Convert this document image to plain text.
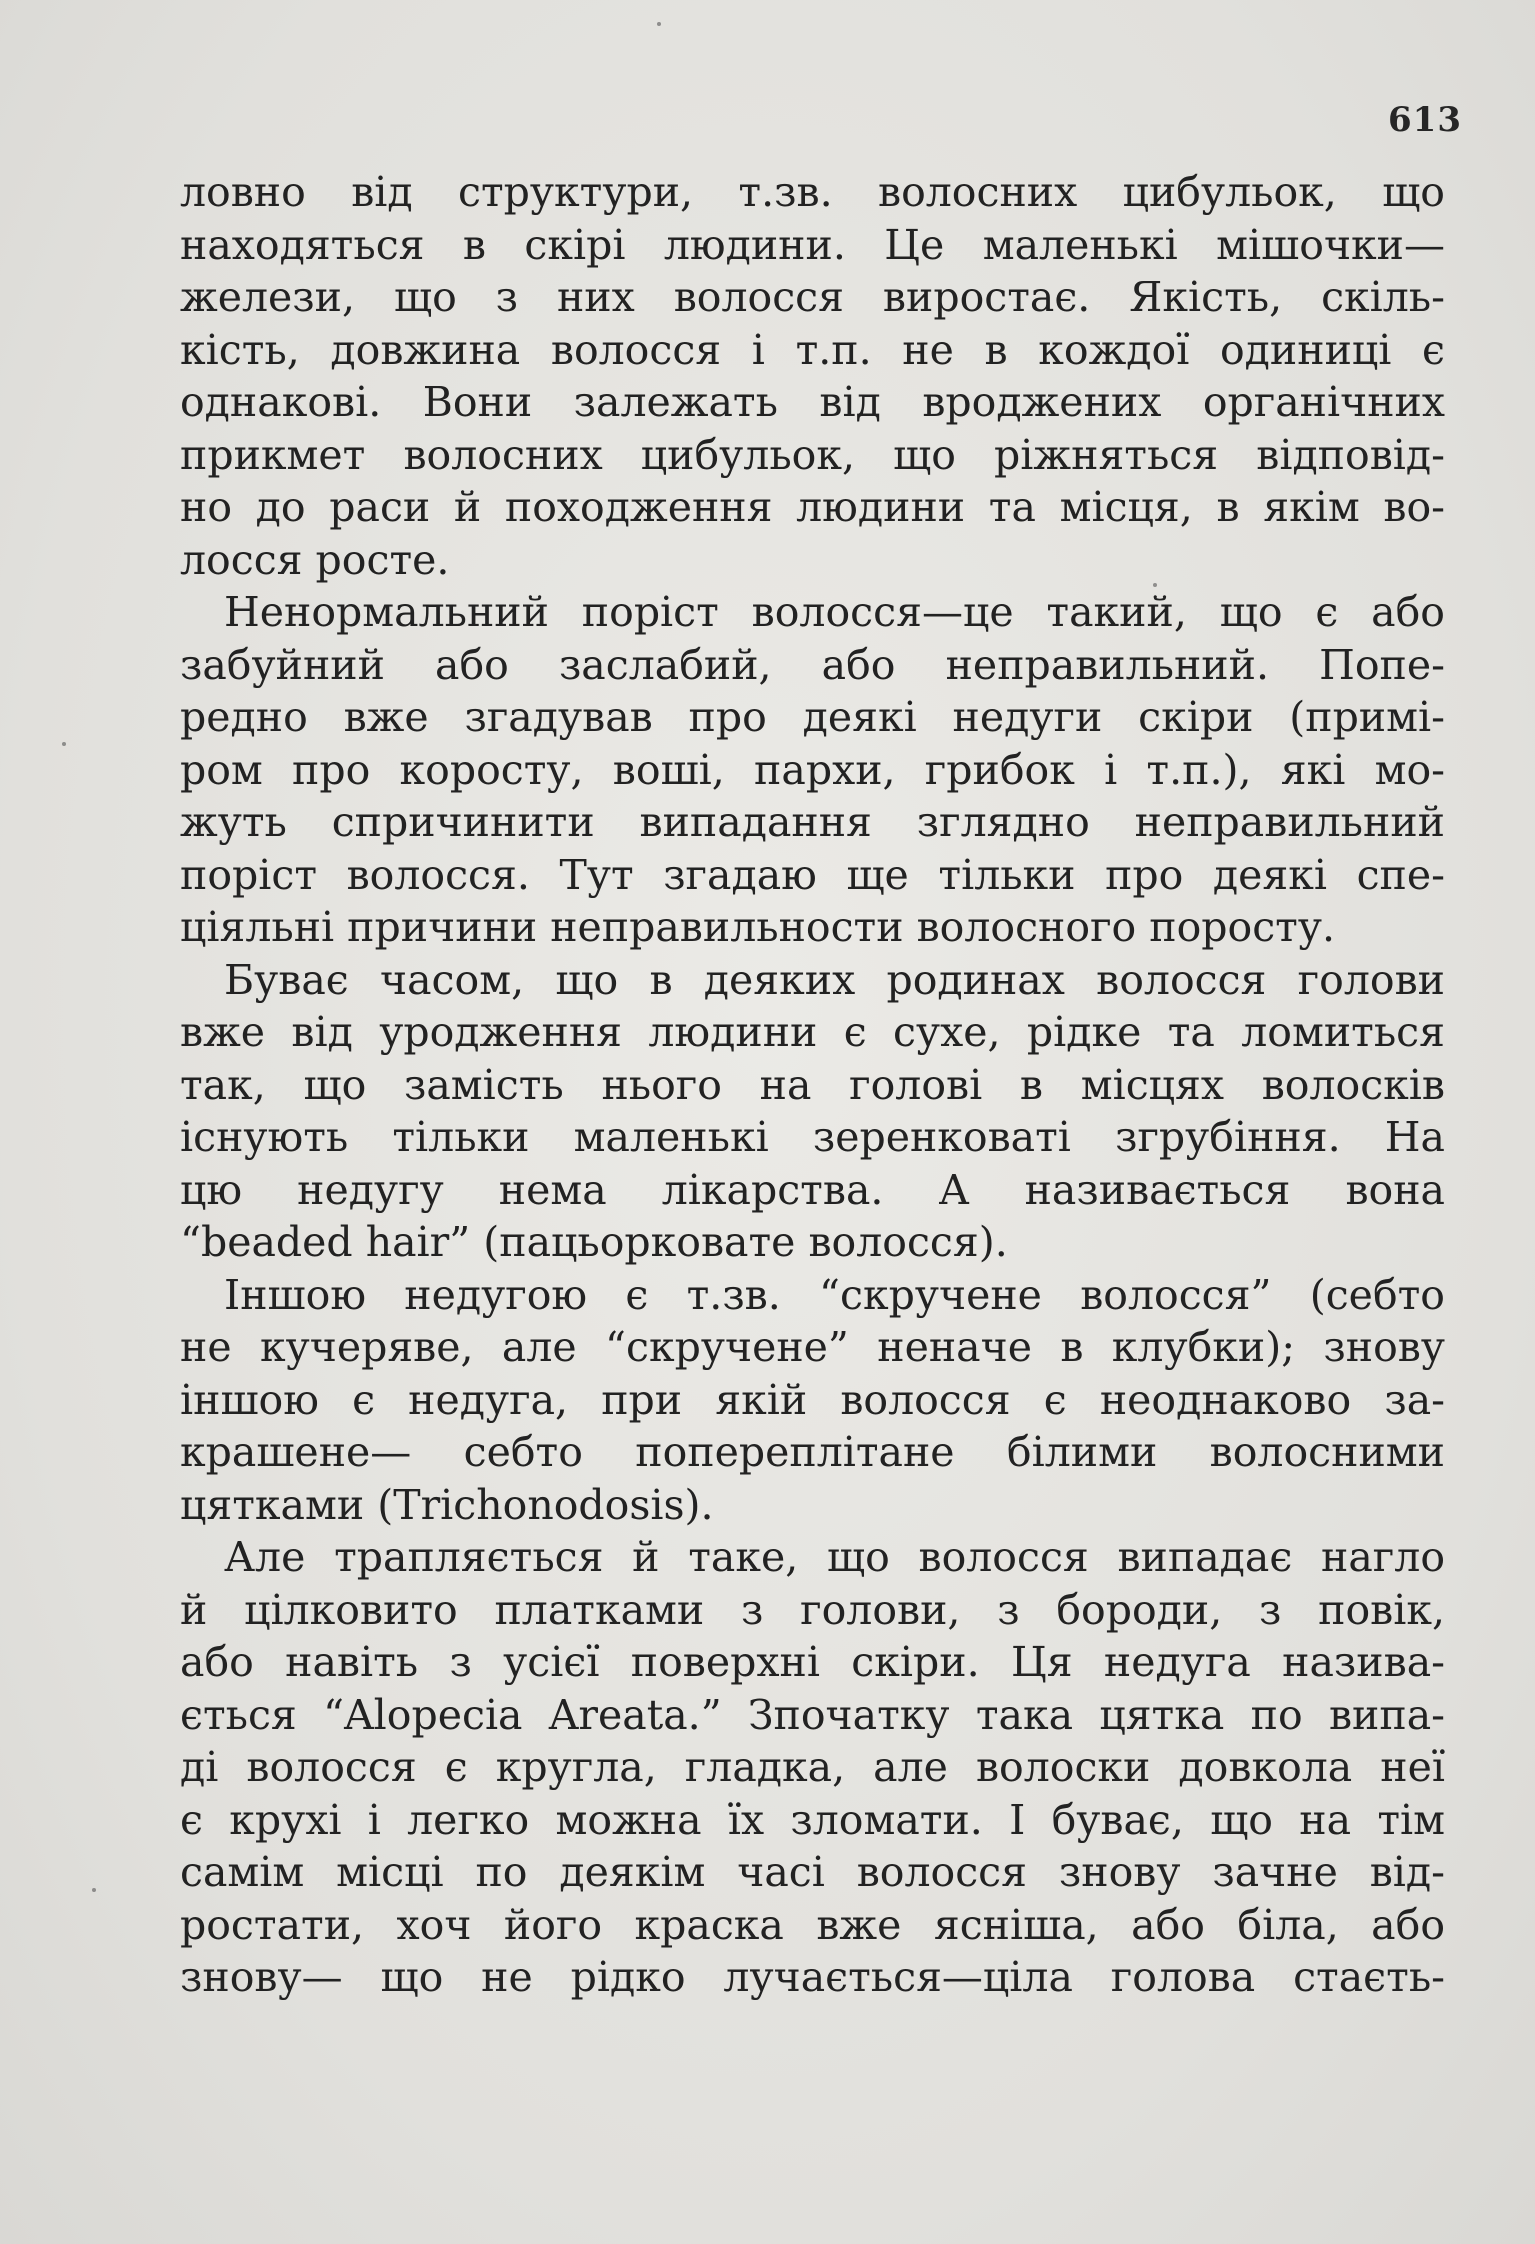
613
ловно від структури, т.зв. волосних цибульок, що
находяться в скірі людини. Це маленькі мішочки—
желези, що з них волосся виростає. Якість, скіль-
кість, довжина волосся і т.п. не в кождої одиниці є
однакові. Вони залежать від вроджених органічних
прикмет волосних цибульок, що ріжняться відповід-
но до раси й походження людини та місця, в якім во-
лосся росте.
Ненормальний поріст волосся—це такий, що є або
забуйний або заслабий, або неправильний. Попе-
редно вже згадував про деякі недуги скіри (примі-
ром про коросту, воші, пархи, грибок і т.п.), які мо-
жуть спричинити випадання зглядно неправильний
поріст волосся. Тут згадаю ще тільки про деякі спе-
ціяльні причини неправильности волосного поросту.
Буває часом, що в деяких родинах волосся голови
вже від уродження людини є сухе, рідке та ломиться
так, що замість нього на голові в місцях волосків
існують тільки маленькі зеренковаті згрубіння. На
цю недугу нема лікарства. А називається вона
“beaded hair” (пацьоркoвате волосся).
Іншою недугою є т.зв. “скручене волосся” (себто
не кучеряве, але “скручене” неначе в клубки); знову
іншою є недуга, при якій волосся є неоднаково за-
крашене— себто попереплітане білими волосними
цятками (Trichonodosis).
Але трапляється й таке, що волосся випадає нагло
й цілковито платками з голови, з бороди, з повік,
або навіть з усієї поверхні скіри. Ця недуга назива-
ється “Alopecia Areata.” Зпочатку така цятка по випа-
ді волосся є кругла, гладка, але волоски довкола неї
є крухі і легко можна їх зломати. І буває, що на тім
самім місці по деякім часі волосся знову зачне від-
ростати, хоч його краска вже ясніша, або біла, або
знову— що не рідко лучається—ціла голова стаєть-
